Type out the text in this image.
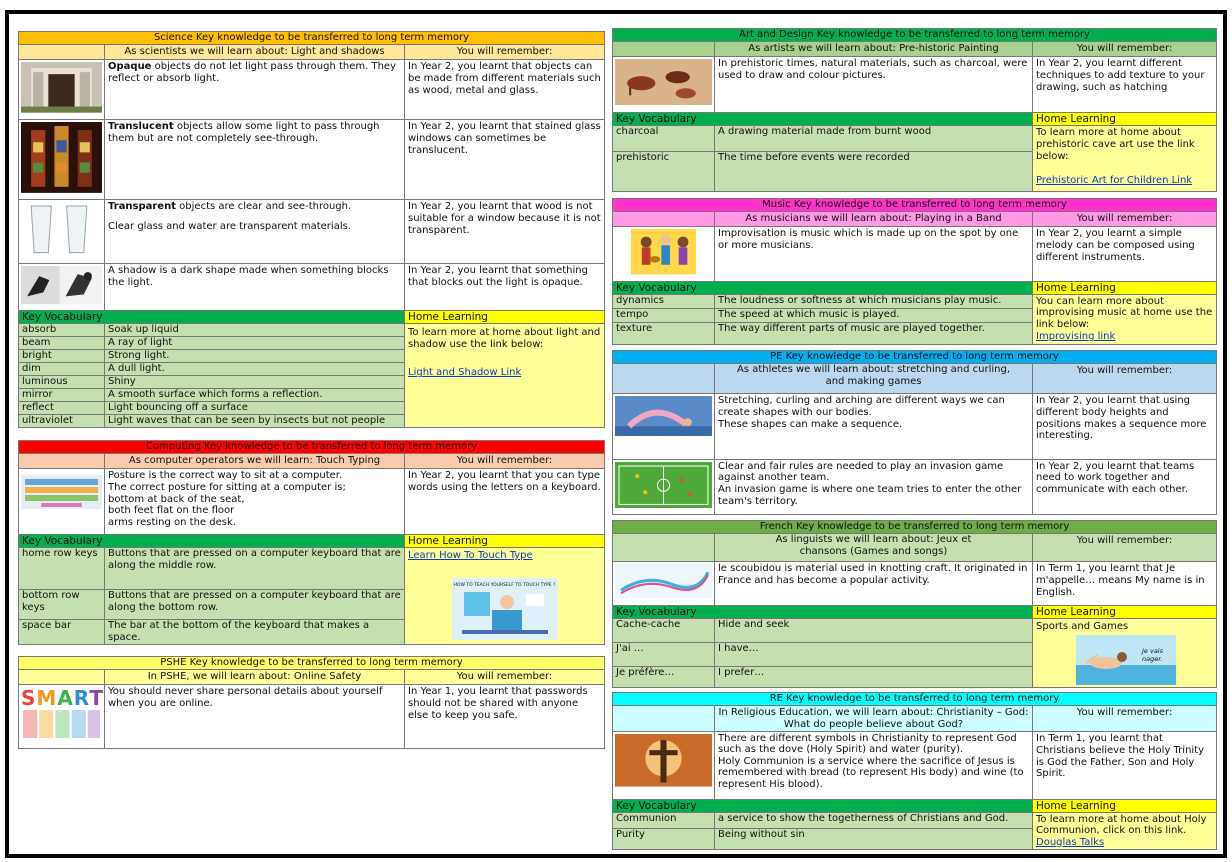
Science Key knowledge to be transferred to long term memory		
	As scientists we will learn about: Light and shadows	You will remember:
	Opaque objects do not let light pass through them. They reflect or absorb light.	In Year 2, you learnt that objects can be made from different materials such as wood, metal and glass.
	Translucent objects allow some light to pass through them but are not completely see-through.	In Year 2, you learnt that stained glass windows can sometimes be translucent.

Transparent objects are clear and see-through.

Clear glass and water are transparent materials.	In Year 2, you learnt that wood is not suitable for a window because it is not transparent.
	A shadow is a dark shape made when something blocks the light.	In Year 2, you learnt that something that blocks out the light is opaque.
Key Vocabulary		Home Learning
absorb	Soak up liquid	To learn more at home about light and shadow use the link below:

Light and Shadow Link

beam	A ray of light	
bright	Strong light.	
dim	A dull light.	
luminous	Shiny	
mirror	A smooth surface which forms a reflection.	
reflect	Light bouncing off a surface	
ultraviolet	Light waves that can be seen by insects but not people	
Computing Key knowledge to be transferred to long term memory		
	As computer operators we will learn: Touch Typing	You will remember:

Posture is the correct way to sit at a computer.
The correct posture for sitting at a computer is;
bottom at back of the seat,
both feet flat on the floor
arms resting on the desk.	In Year 2, you learnt that you can type words using the letters on a keyboard.
Key Vocabulary		Home Learning
home row keys	Buttons that are pressed on a computer keyboard that are along the middle row.	Learn How To Touch Type
HOW TO TEACH YOURSELF TO TOUCH TYPE ?

bottom row keys	Buttons that are pressed on a computer keyboard that are along the bottom row.	
space bar	The bar at the bottom of the keyboard that makes a space.	
PSHE Key knowledge to be transferred to long term memory		
	In PSHE, we will learn about: Online Safety	You will remember:

SMART	You should never share personal details about yourself when you are online.	In Year 1, you learnt that passwords should not be shared with anyone else to keep you safe.
Art and Design Key knowledge to be transferred to long term memory		
	As artists we will learn about: Pre-historic Painting	You will remember:
	In prehistoric times, natural materials, such as charcoal, were used to draw and colour pictures.	In Year 2, you learnt different techniques to add texture to your drawing, such as hatching
Key Vocabulary		Home Learning
charcoal	A drawing material made from burnt wood	To learn more at home about prehistoric cave art use the link below:

Prehistoric Art for Children Link

prehistoric	The time before events were recorded	
Music Key knowledge to be transferred to long term memory		
	As musicians we will learn about: Playing in a Band	You will remember:
	Improvisation is music which is made up on the spot by one or more musicians.	In Year 2, you learnt a simple melody can be composed using different instruments.
Key Vocabulary		Home Learning
dynamics	The loudness or softness at which musicians play music.	You can learn more about improvising music at home use the link below:
Improvising link
tempo	The speed at which music is played.	
texture	The way different parts of music are played together.	
PE Key knowledge to be transferred to long term memory		
	As athletes we will learn about: stretching and curling, and making games	You will remember:

Stretching, curling and arching are different ways we can create shapes with our bodies.
These shapes can make a sequence.	In Year 2, you learnt that using different body heights and positions makes a sequence more interesting.

Clear and fair rules are needed to play an invasion game against another team.
An invasion game is where one team tries to enter the other team's territory.	In Year 2, you learnt that teams need to work together and communicate with each other.
French Key knowledge to be transferred to long term memory		
	As linguists we will learn about: Jeux et chansons (Games and songs)	You will remember:
	le scoubidou is material used in knotting craft. It originated in France and has become a popular activity.	In Term 1, you learnt that Je m'appelle… means My name is in English.
Key Vocabulary		Home Learning
Cache-cache	Hide and seek	Sports and Games
Je vais nager.

J'ai …	I have…	
Je préfère…	I prefer…	
RE Key knowledge to be transferred to long term memory		
	In Religious Education, we will learn about: Christianity – God: What do people believe about God?	You will remember:

There are different symbols in Christianity to represent God such as the dove (Holy Spirit) and water (purity).
Holy Communion is a service where the sacrifice of Jesus is remembered with bread (to represent His body) and wine (to represent His blood).	In Term 1, you learnt that Christians believe the Holy Trinity is God the Father, Son and Holy Spirit.
Key Vocabulary		Home Learning
Communion	a service to show the togetherness of Christians and God.	To learn more at home about Holy Communion, click on this link.
Douglas Talks
Purity	Being without sin	
